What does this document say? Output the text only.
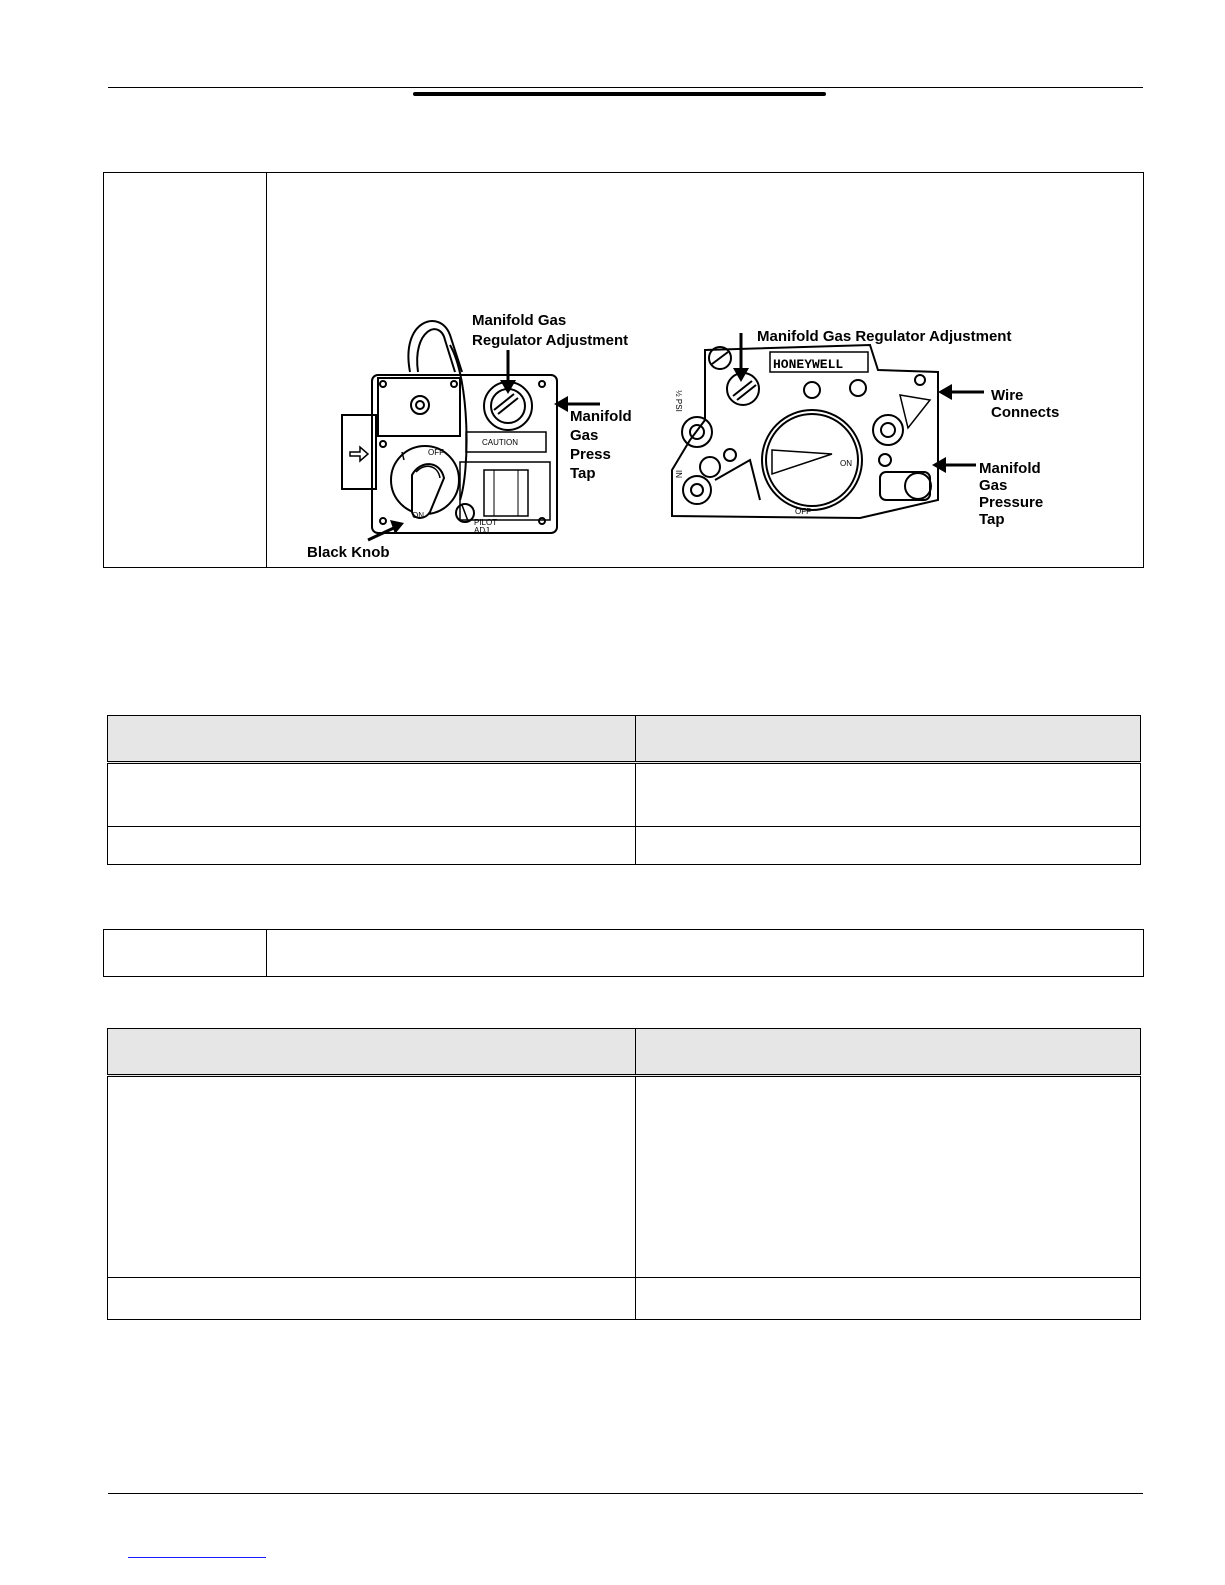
Manifold Gas
Regulator Adjustment
Manifold
Gas
Press
Tap
Black Knob
CAUTION
OFF
ON
PILOT
ADJ
Manifold Gas Regulator Adjustment
HONEYWELL
Wire
Connects
Manifold
Gas
Pressure
Tap
ON
OFF
IN
½ PSI
